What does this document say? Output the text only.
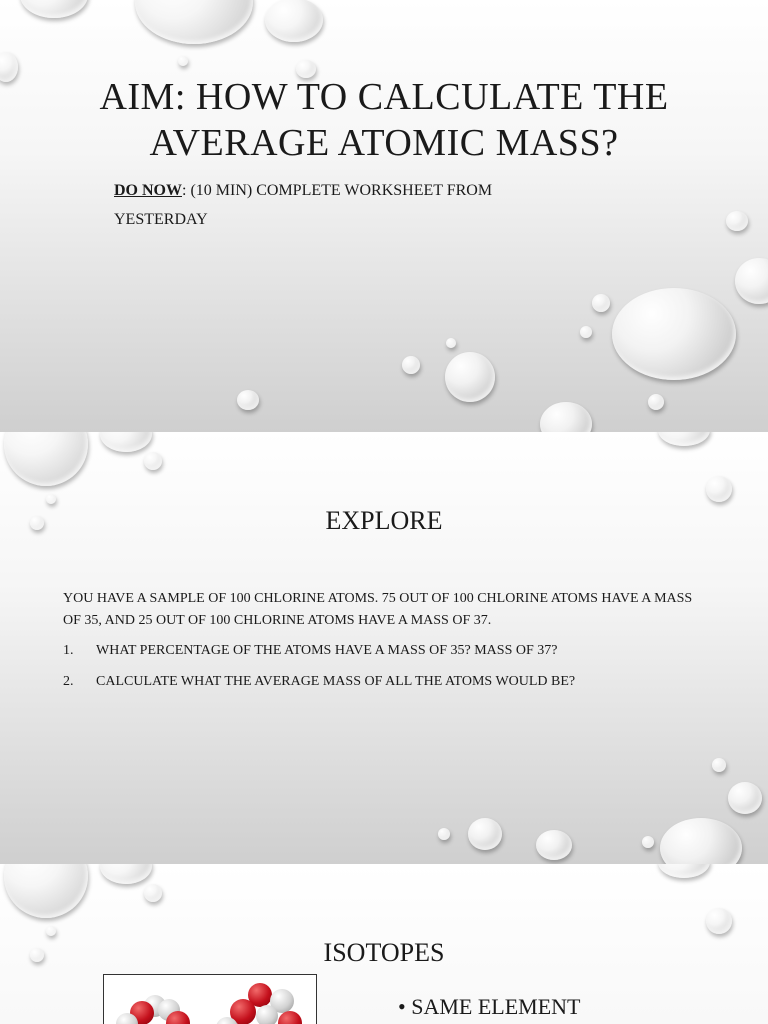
AIM: HOW TO CALCULATE THE
AVERAGE ATOMIC MASS?
DO NOW: (10 MIN) COMPLETE WORKSHEET FROM YESTERDAY
EXPLORE
YOU HAVE A SAMPLE OF 100 CHLORINE ATOMS. 75 OUT OF 100 CHLORINE ATOMS HAVE A MASS OF 35, AND 25 OUT OF 100 CHLORINE ATOMS HAVE A MASS OF 37.
1. WHAT PERCENTAGE OF THE ATOMS HAVE A MASS OF 35? MASS OF 37?
2. CALCULATE WHAT THE AVERAGE MASS OF ALL THE ATOMS WOULD BE?
ISOTOPES
• SAME ELEMENT
